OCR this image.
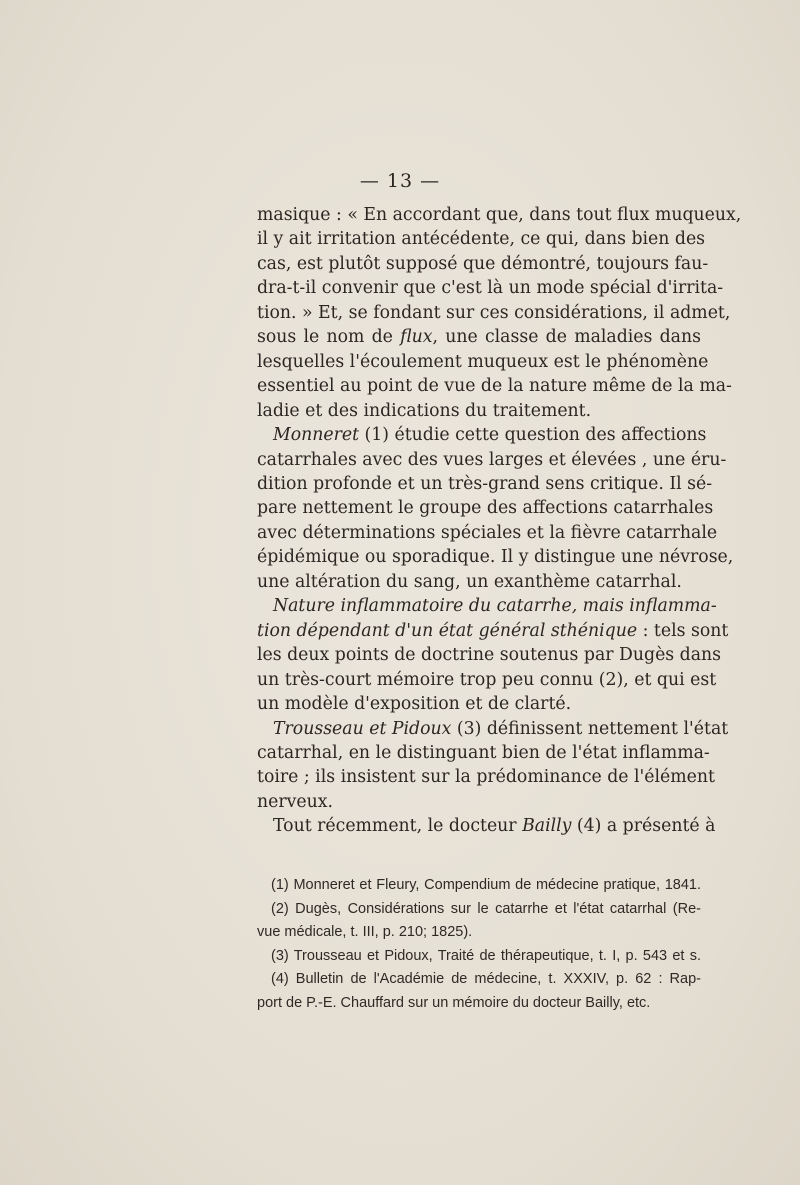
— 13 —
masique : « En accordant que, dans tout flux muqueux,
il y ait irritation antécédente, ce qui, dans bien des
cas, est plutôt supposé que démontré, toujours fau-
dra-t-il convenir que c'est là un mode spécial d'irrita-
tion. » Et, se fondant sur ces considérations, il admet,
sous le nom de flux, une classe de maladies dans
lesquelles l'écoulement muqueux est le phénomène
essentiel au point de vue de la nature même de la ma-
ladie et des indications du traitement.
Monneret (1) étudie cette question des affections
catarrhales avec des vues larges et élevées , une éru-
dition profonde et un très-grand sens critique. Il sé-
pare nettement le groupe des affections catarrhales
avec déterminations spéciales et la fièvre catarrhale
épidémique ou sporadique. Il y distingue une névrose,
une altération du sang, un exanthème catarrhal.
Nature inflammatoire du catarrhe, mais inflamma-
tion dépendant d'un état général sthénique : tels sont
les deux points de doctrine soutenus par Dugès dans
un très-court mémoire trop peu connu (2), et qui est
un modèle d'exposition et de clarté.
Trousseau et Pidoux (3) définissent nettement l'état
catarrhal, en le distinguant bien de l'état inflamma-
toire ; ils insistent sur la prédominance de l'élément
nerveux.
Tout récemment, le docteur Bailly (4) a présenté à
(1) Monneret et Fleury, Compendium de médecine pratique, 1841.
(2) Dugès, Considérations sur le catarrhe et l'état catarrhal (Re-
vue médicale, t. III, p. 210; 1825).
(3) Trousseau et Pidoux, Traité de thérapeutique, t. I, p. 543 et s.
(4) Bulletin de l'Académie de médecine, t. XXXIV, p. 62 : Rap-
port de P.-E. Chauffard sur un mémoire du docteur Bailly, etc.
